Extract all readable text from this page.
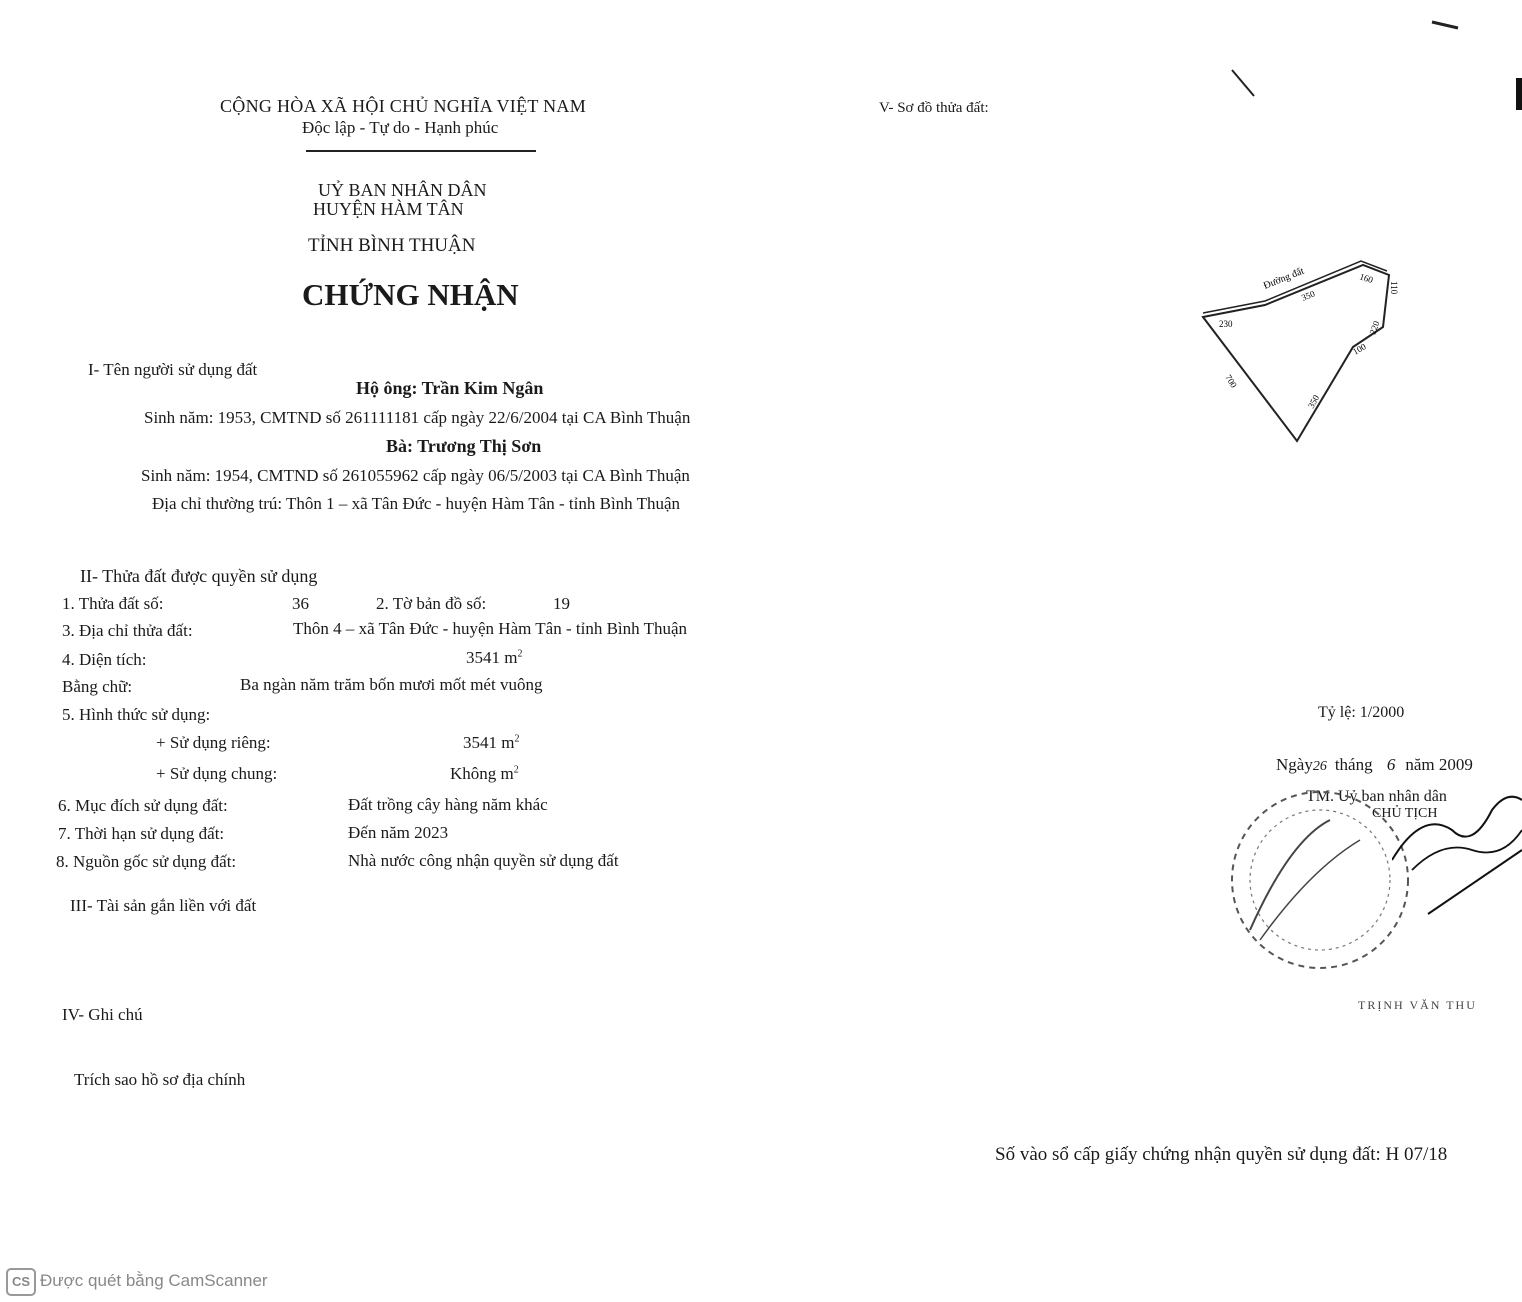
CỘNG HÒA XÃ HỘI CHỦ NGHĨA VIỆT NAM
Độc lập - Tự do - Hạnh phúc
UỶ BAN NHÂN DÂN
HUYỆN HÀM TÂN
TỈNH BÌNH THUẬN
CHỨNG NHẬN
I- Tên người sử dụng đất
Hộ ông: Trần Kim Ngân
Sinh năm: 1953, CMTND số 261111181 cấp ngày 22/6/2004 tại CA Bình Thuận
Bà: Trương Thị Sơn
Sinh năm: 1954, CMTND số 261055962 cấp ngày 06/5/2003 tại CA Bình Thuận
Địa chỉ thường trú: Thôn 1 – xã Tân Đức - huyện Hàm Tân - tỉnh Bình Thuận
II- Thửa đất được quyền sử dụng
1. Thửa đất số:	36	2. Tờ bản đồ số:	19
3. Địa chỉ thửa đất:	Thôn 4 – xã Tân Đức - huyện Hàm Tân - tỉnh Bình Thuận
4. Diện tích:	3541 $m^2$
Bằng chữ:	Ba ngàn năm trăm bốn mươi mốt mét vuông
5. Hình thức sử dụng:
+ Sử dụng riêng:	3541 $m^2$
+ Sử dụng chung:	Không $m^2$
6. Mục đích sử dụng đất:	Đất trồng cây hàng năm khác
7. Thời hạn sử dụng đất:	Đến năm 2023
8. Nguồn gốc sử dụng đất:	Nhà nước công nhận quyền sử dụng đất
III- Tài sản gắn liền với đất
IV- Ghi chú
Trích sao hồ sơ địa chính
V- Sơ đồ thửa đất:
Đường đất
230
350
160
110
220
100
350
700
Tỷ lệ: 1/2000
Ngày26 tháng 6 năm 2009
TM. Uỷ ban nhân dân
CHỦ TỊCH
TRỊNH VĂN THU
Số vào sổ cấp giấy chứng nhận quyền sử dụng đất: H 07/18
CS Được quét bằng CamScanner
